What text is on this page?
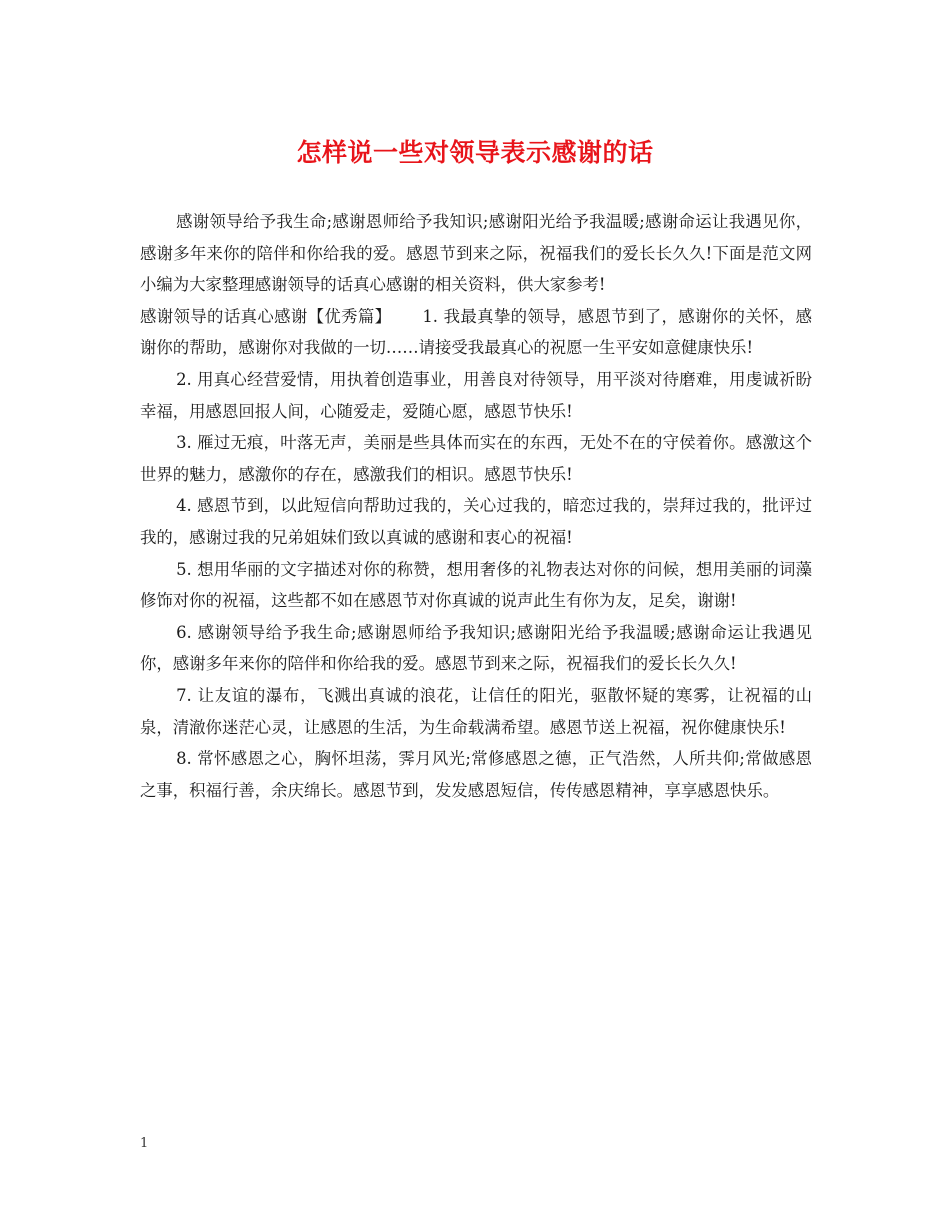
怎样说一些对领导表示感谢的话

感谢领导给予我生命;感谢恩师给予我知识;感谢阳光给予我温暖;感谢命运让我遇见你，感谢多年来你的陪伴和你给我的爱。感恩节到来之际，祝福我们的爱长长久久!下面是范文网小编为大家整理感谢领导的话真心感谢的相关资料，供大家参考!

感谢领导的话真心感谢【优秀篇】　　 1. 我最真挚的领导，感恩节到了，感谢你的关怀，感谢你的帮助，感谢你对我做的一切……请接受我最真心的祝愿一生平安如意健康快乐!

2. 用真心经营爱情，用执着创造事业，用善良对待领导，用平淡对待磨难，用虔诚祈盼幸福，用感恩回报人间，心随爱走，爱随心愿，感恩节快乐!

3. 雁过无痕，叶落无声，美丽是些具体而实在的东西，无处不在的守侯着你。感激这个世界的魅力，感激你的存在，感激我们的相识。感恩节快乐!

4. 感恩节到，以此短信向帮助过我的，关心过我的，暗恋过我的，崇拜过我的，批评过我的，感谢过我的兄弟姐妹们致以真诚的感谢和衷心的祝福!

5. 想用华丽的文字描述对你的称赞，想用奢侈的礼物表达对你的问候，想用美丽的词藻修饰对你的祝福，这些都不如在感恩节对你真诚的说声此生有你为友，足矣，谢谢!

6. 感谢领导给予我生命;感谢恩师给予我知识;感谢阳光给予我温暖;感谢命运让我遇见你，感谢多年来你的陪伴和你给我的爱。感恩节到来之际，祝福我们的爱长长久久!

7. 让友谊的瀑布，飞溅出真诚的浪花，让信任的阳光，驱散怀疑的寒雾，让祝福的山泉，清澈你迷茫心灵，让感恩的生活，为生命载满希望。感恩节送上祝福，祝你健康快乐!

8. 常怀感恩之心，胸怀坦荡，霁月风光;常修感恩之德，正气浩然，人所共仰;常做感恩之事，积福行善，余庆绵长。感恩节到，发发感恩短信，传传感恩精神，享享感恩快乐。

1
